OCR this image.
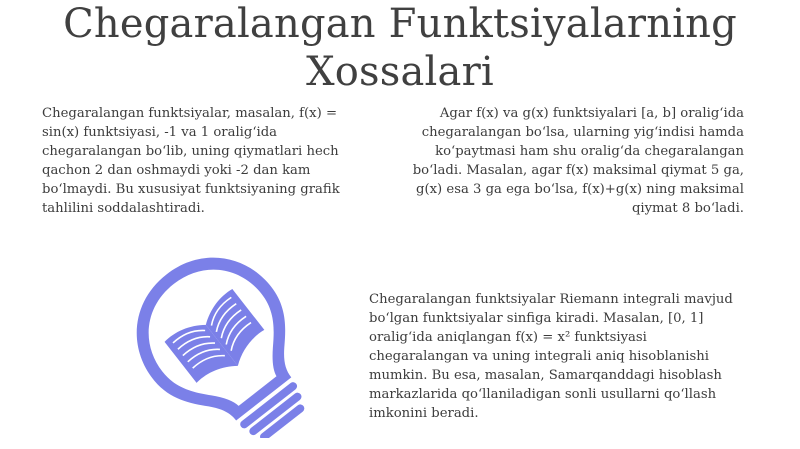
Chegaralangan Funktsiyalarning
Xossalari

Chegaralangan funktsiyalar, masalan, f(x) = sin(x) funktsiyasi, -1 va 1 oralig‘ida chegaralangan bo‘lib, uning qiymatlari hech qachon 2 dan oshmaydi yoki -2 dan kam bo‘lmaydi. Bu xususiyat funktsiyaning grafik tahlilini soddalashtiradi.

Agar f(x) va g(x) funktsiyalari [a, b] oralig‘ida chegaralangan bo‘lsa, ularning yig‘indisi hamda ko‘paytmasi ham shu oralig‘da chegaralangan bo‘ladi. Masalan, agar f(x) maksimal qiymat 5 ga, g(x) esa 3 ga ega bo‘lsa, f(x)+g(x) ning maksimal qiymat 8 bo‘ladi.

Chegaralangan funktsiyalar Riemann integrali mavjud bo‘lgan funktsiyalar sinfiga kiradi. Masalan, [0, 1] oralig‘ida aniqlangan f(x) = x² funktsiyasi chegaralangan va uning integrali aniq hisoblanishi mumkin. Bu esa, masalan, Samarqanddagi hisoblash markazlarida qo‘llaniladigan sonli usullarni qo‘llash imkonini beradi.
